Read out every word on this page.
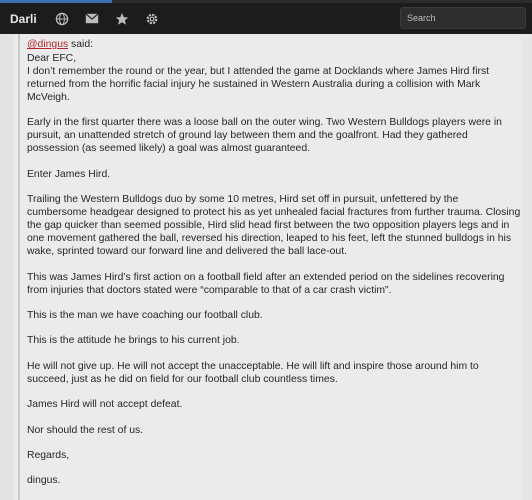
Darli
Search
@dingus said:

Dear EFC,
I don’t remember the round or the year, but I attended the game at Docklands where James Hird first returned from the horrific facial injury he sustained in Western Australia during a collision with Mark McVeigh.

Early in the first quarter there was a loose ball on the outer wing. Two Western Bulldogs players were in pursuit, an unattended stretch of ground lay between them and the goalfront. Had they gathered possession (as seemed likely) a goal was almost guaranteed.

Enter James Hird.

Trailing the Western Bulldogs duo by some 10 metres, Hird set off in pursuit, unfettered by the cumbersome headgear designed to protect his as yet unhealed facial fractures from further trauma. Closing the gap quicker than seemed possible, Hird slid head first between the two opposition players legs and in one movement gathered the ball, reversed his direction, leaped to his feet, left the stunned bulldogs in his wake, sprinted toward our forward line and delivered the ball lace-out.

This was James Hird’s first action on a football field after an extended period on the sidelines recovering from injuries that doctors stated were “comparable to that of a car crash victim”.

This is the man we have coaching our football club.

This is the attitude he brings to his current job.

He will not give up. He will not accept the unacceptable. He will lift and inspire those around him to succeed, just as he did on field for our football club countless times.

James Hird will not accept defeat.

Nor should the rest of us.

Regards,

dingus.
